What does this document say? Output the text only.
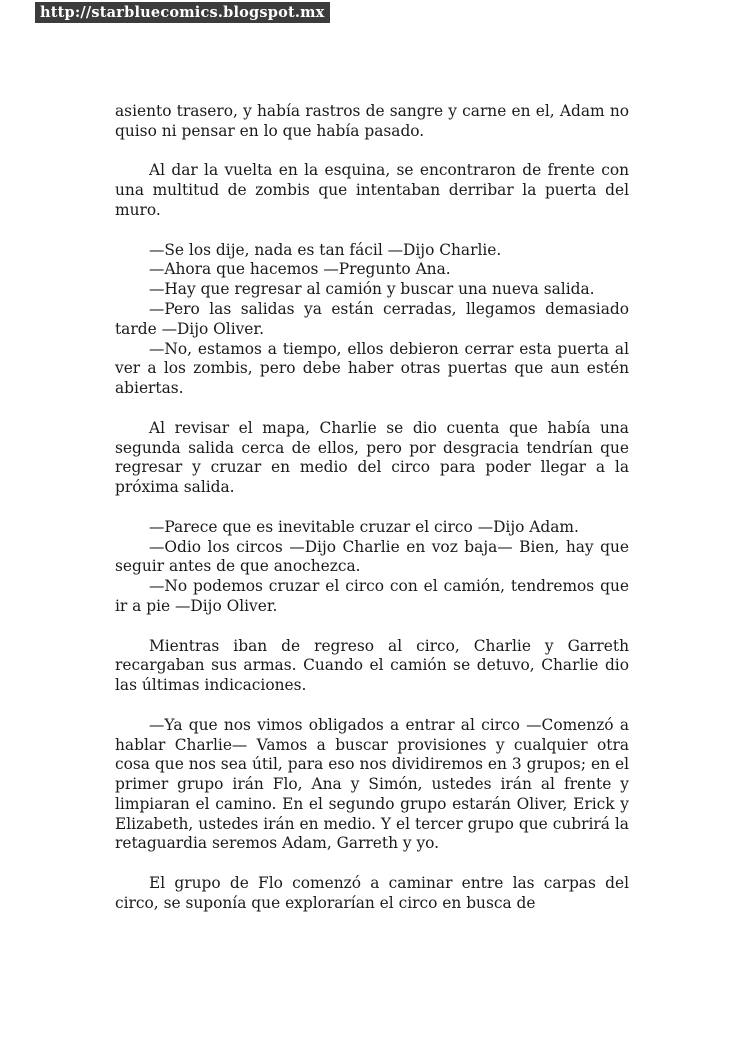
http://starbluecomics.blogspot.mx

asiento trasero, y había rastros de sangre y carne en el, Adam no quiso ni pensar en lo que había pasado.

Al dar la vuelta en la esquina, se encontraron de frente con una multitud de zombis que intentaban derribar la puerta del muro.

—Se los dije, nada es tan fácil —Dijo Charlie.

—Ahora que hacemos —Pregunto Ana.

—Hay que regresar al camión y buscar una nueva salida.

—Pero las salidas ya están cerradas, llegamos demasiado tarde —Dijo Oliver.

—No, estamos a tiempo, ellos debieron cerrar esta puerta al ver a los zombis, pero debe haber otras puertas que aun estén abiertas.

Al revisar el mapa, Charlie se dio cuenta que había una segunda salida cerca de ellos, pero por desgracia tendrían que regresar y cruzar en medio del circo para poder llegar a la próxima salida.

—Parece que es inevitable cruzar el circo —Dijo Adam.

—Odio los circos —Dijo Charlie en voz baja— Bien, hay que seguir antes de que anochezca.

—No podemos cruzar el circo con el camión, tendremos que ir a pie —Dijo Oliver.

Mientras iban de regreso al circo, Charlie y Garreth recargaban sus armas. Cuando el camión se detuvo, Charlie dio las últimas indicaciones.

—Ya que nos vimos obligados a entrar al circo —Comenzó a hablar Charlie— Vamos a buscar provisiones y cualquier otra cosa que nos sea útil, para eso nos dividiremos en 3 grupos; en el primer grupo irán Flo, Ana y Simón, ustedes irán al frente y limpiaran el camino. En el segundo grupo estarán Oliver, Erick y Elizabeth, ustedes irán en medio. Y el tercer grupo que cubrirá la retaguardia seremos Adam, Garreth y yo.

El grupo de Flo comenzó a caminar entre las carpas del circo, se suponía que explorarían el circo en busca de
